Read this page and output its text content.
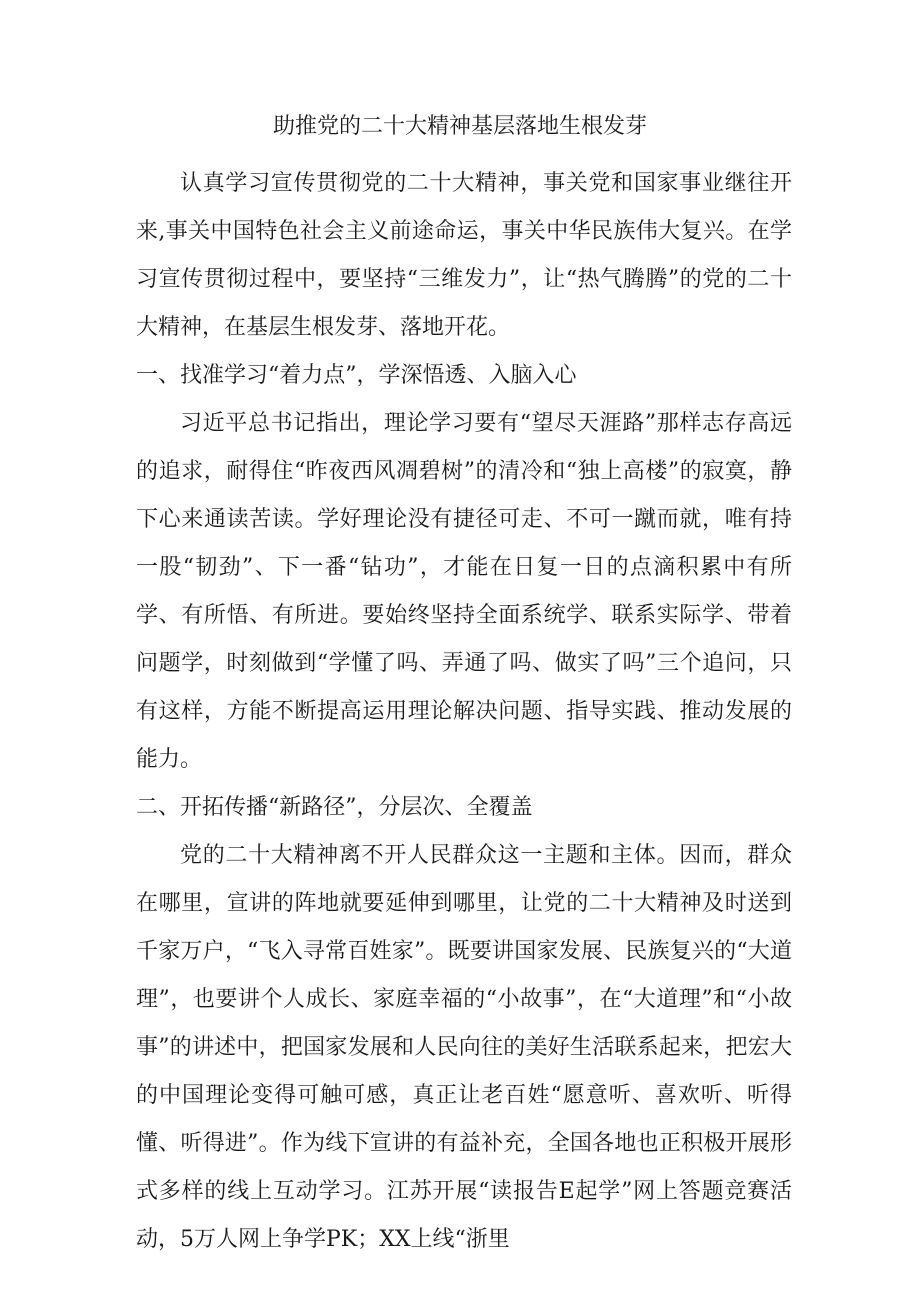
助推党的二十大精神基层落地生根发芽

认真学习宣传贯彻党的二十大精神，事关党和国家事业继往开来,事关中国特色社会主义前途命运，事关中华民族伟大复兴。在学习宣传贯彻过程中，要坚持“三维发力”，让“热气腾腾”的党的二十大精神，在基层生根发芽、落地开花。

一、找准学习“着力点”，学深悟透、入脑入心

习近平总书记指出，理论学习要有“望尽天涯路”那样志存高远的追求，耐得住“昨夜西风凋碧树”的清冷和“独上高楼”的寂寞，静下心来通读苦读。学好理论没有捷径可走、不可一蹴而就，唯有持一股“韧劲”、下一番“钻功”，才能在日复一日的点滴积累中有所学、有所悟、有所进。要始终坚持全面系统学、联系实际学、带着问题学，时刻做到“学懂了吗、弄通了吗、做实了吗”三个追问，只有这样，方能不断提高运用理论解决问题、指导实践、推动发展的能力。

二、开拓传播“新路径”，分层次、全覆盖

党的二十大精神离不开人民群众这一主题和主体。因而，群众在哪里，宣讲的阵地就要延伸到哪里，让党的二十大精神及时送到千家万户，“飞入寻常百姓家”。既要讲国家发展、民族复兴的“大道理”，也要讲个人成长、家庭幸福的“小故事”，在“大道理”和“小故事”的讲述中，把国家发展和人民向往的美好生活联系起来，把宏大的中国理论变得可触可感，真正让老百姓“愿意听、喜欢听、听得懂、听得进”。作为线下宣讲的有益补充，全国各地也正积极开展形式多样的线上互动学习。江苏开展“读报告E起学”网上答题竞赛活动，5万人网上争学PK；XX上线“浙里
